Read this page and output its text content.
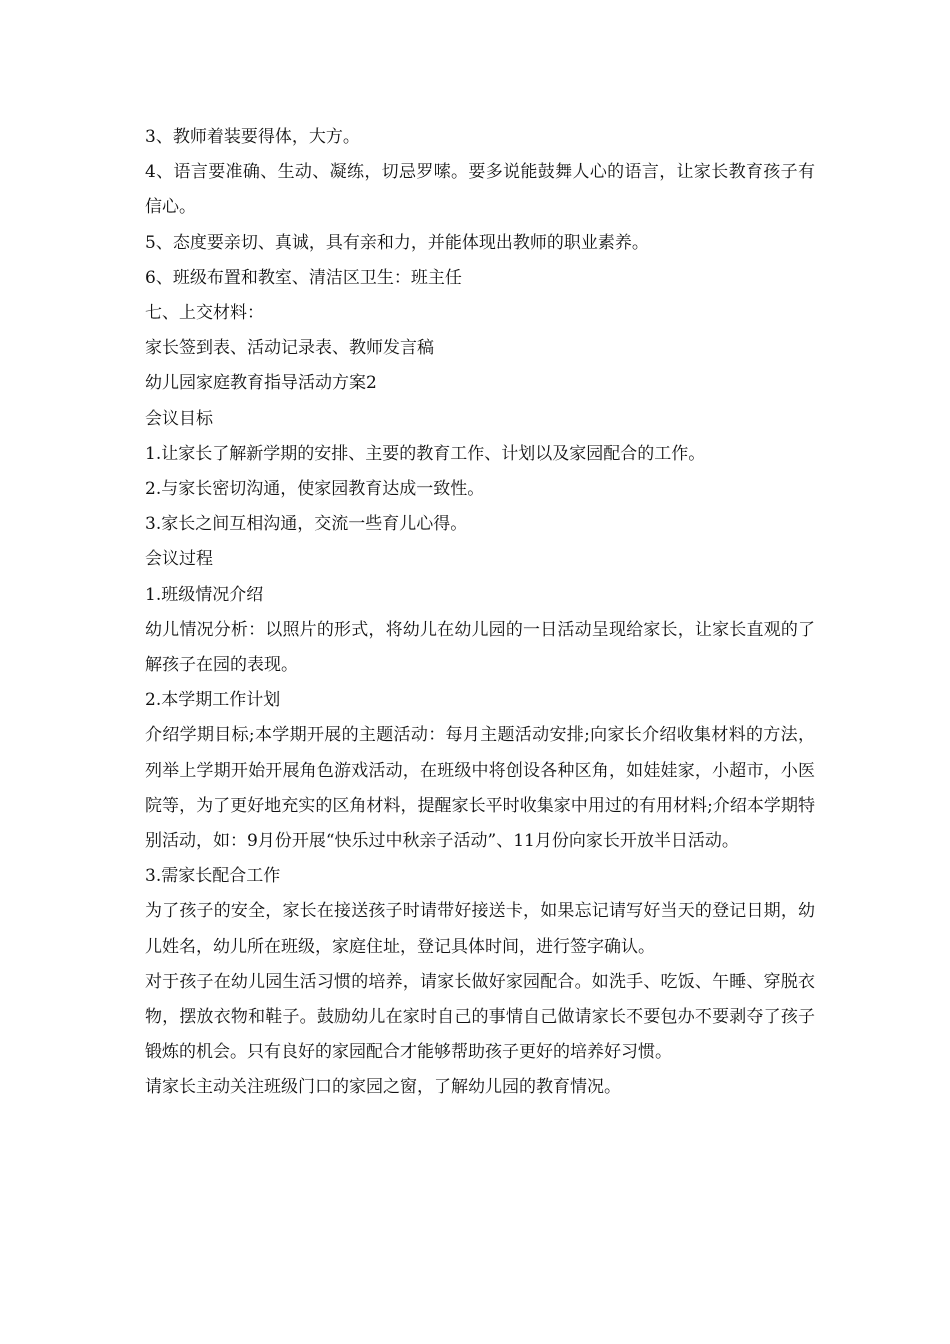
3、教师着装要得体，大方。

4、语言要准确、生动、凝练，切忌罗嗦。要多说能鼓舞人心的语言，让家长教育孩子有信心。

5、态度要亲切、真诚，具有亲和力，并能体现出教师的职业素养。

6、班级布置和教室、清洁区卫生：班主任

七、上交材料：

家长签到表、活动记录表、教师发言稿

幼儿园家庭教育指导活动方案2

会议目标

1.让家长了解新学期的安排、主要的教育工作、计划以及家园配合的工作。

2.与家长密切沟通，使家园教育达成一致性。

3.家长之间互相沟通，交流一些育儿心得。

会议过程

1.班级情况介绍

幼儿情况分析：以照片的形式，将幼儿在幼儿园的一日活动呈现给家长，让家长直观的了解孩子在园的表现。

2.本学期工作计划

介绍学期目标;本学期开展的主题活动：每月主题活动安排;向家长介绍收集材料的方法，列举上学期开始开展角色游戏活动，在班级中将创设各种区角，如娃娃家，小超市，小医院等，为了更好地充实的区角材料，提醒家长平时收集家中用过的有用材料;介绍本学期特别活动，如：9月份开展“快乐过中秋亲子活动”、11月份向家长开放半日活动。

3.需家长配合工作

为了孩子的安全，家长在接送孩子时请带好接送卡，如果忘记请写好当天的登记日期，幼儿姓名，幼儿所在班级，家庭住址，登记具体时间，进行签字确认。

对于孩子在幼儿园生活习惯的培养，请家长做好家园配合。如洗手、吃饭、午睡、穿脱衣物，摆放衣物和鞋子。鼓励幼儿在家时自己的事情自己做请家长不要包办不要剥夺了孩子锻炼的机会。只有良好的家园配合才能够帮助孩子更好的培养好习惯。

请家长主动关注班级门口的家园之窗，了解幼儿园的教育情况。
